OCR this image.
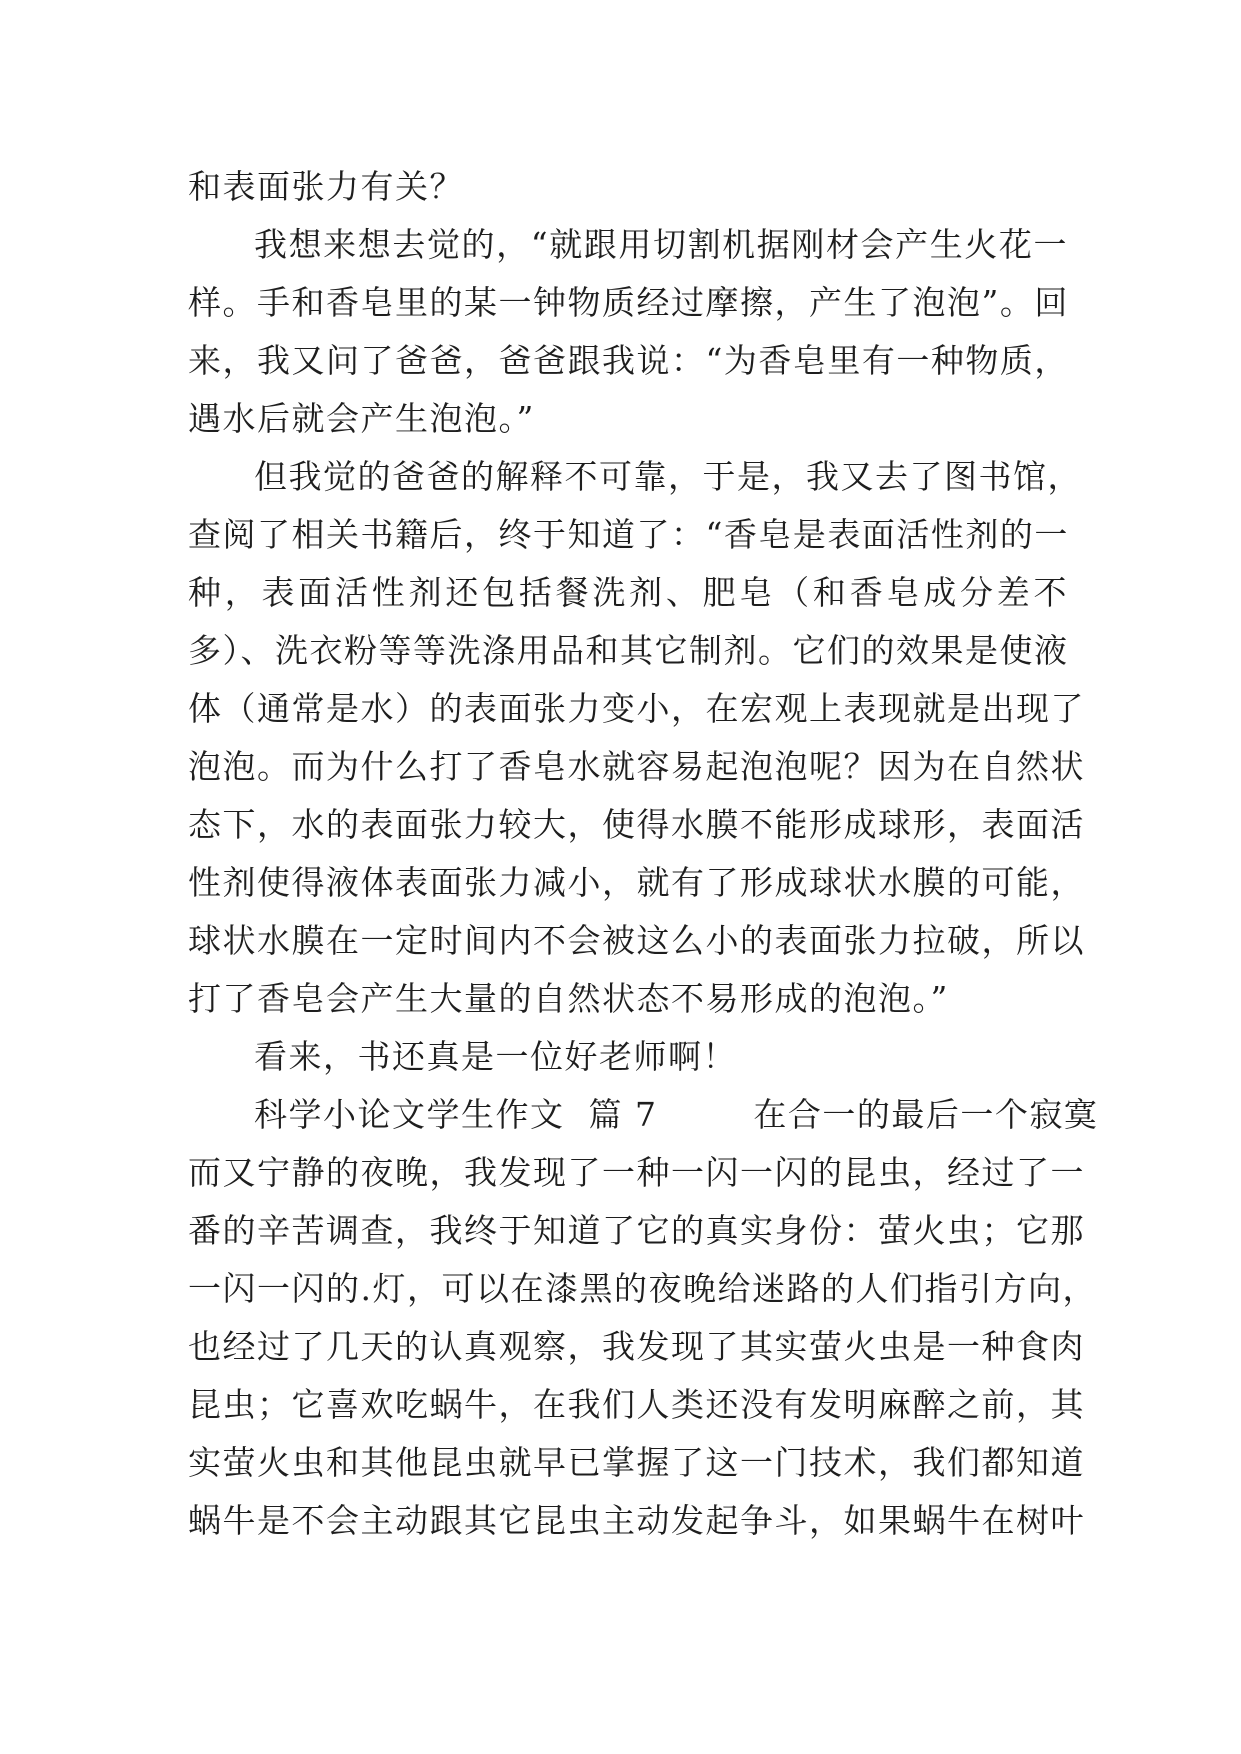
和表面张力有关？
我想来想去觉的，“就跟用切割机据刚材会产生火花一
样。手和香皂里的某一钟物质经过摩擦，产生了泡泡”。回
来，我又问了爸爸，爸爸跟我说：“为香皂里有一种物质，
遇水后就会产生泡泡。”
但我觉的爸爸的解释不可靠，于是，我又去了图书馆，
查阅了相关书籍后，终于知道了：“香皂是表面活性剂的一
种，表面活性剂还包括餐洗剂、肥皂（和香皂成分差不
多）、洗衣粉等等洗涤用品和其它制剂。它们的效果是使液
体（通常是水）的表面张力变小，在宏观上表现就是出现了
泡泡。而为什么打了香皂水就容易起泡泡呢？因为在自然状
态下，水的表面张力较大，使得水膜不能形成球形，表面活
性剂使得液体表面张力减小，就有了形成球状水膜的可能，
球状水膜在一定时间内不会被这么小的表面张力拉破，所以
打了香皂会产生大量的自然状态不易形成的泡泡。”
看来，书还真是一位好老师啊！
科学小论文学生作文  篇 7        在合一的最后一个寂寞
而又宁静的夜晚，我发现了一种一闪一闪的昆虫，经过了一
番的辛苦调查，我终于知道了它的真实身份：萤火虫；它那
一闪一闪的.灯，可以在漆黑的夜晚给迷路的人们指引方向，
也经过了几天的认真观察，我发现了其实萤火虫是一种食肉
昆虫；它喜欢吃蜗牛，在我们人类还没有发明麻醉之前，其
实萤火虫和其他昆虫就早已掌握了这一门技术，我们都知道
蜗牛是不会主动跟其它昆虫主动发起争斗，如果蜗牛在树叶
